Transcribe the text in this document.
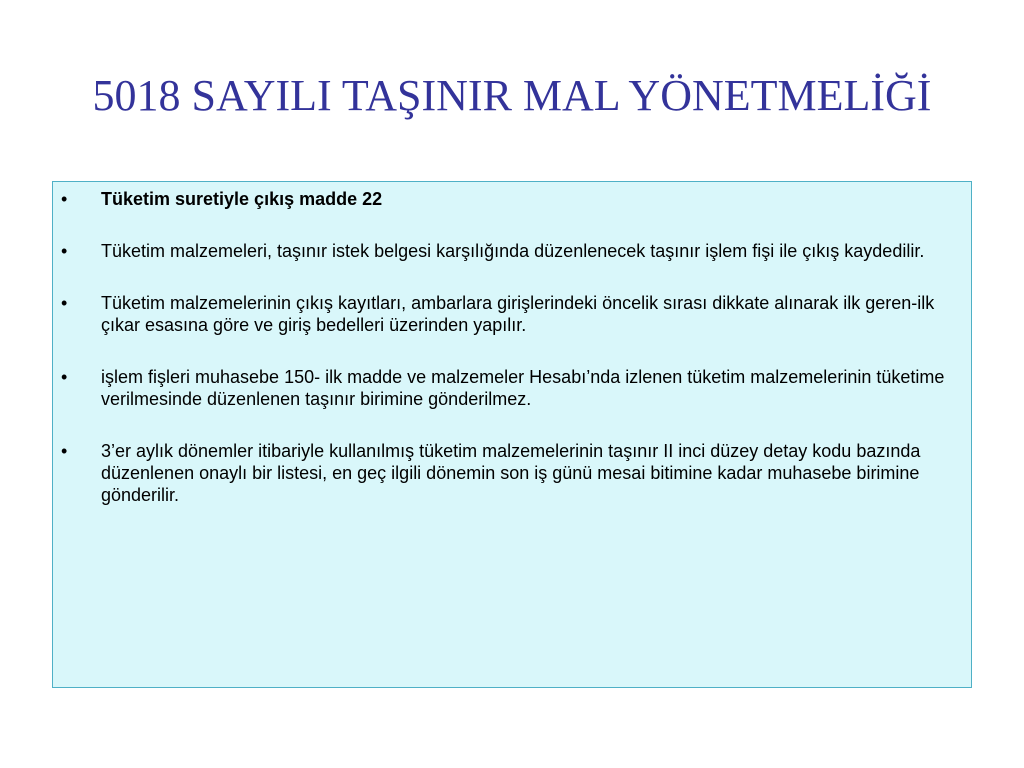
5018 SAYILI TAŞINIR MAL YÖNETMELİĞİ
•	Tüketim suretiyle çıkış madde 22
•	Tüketim malzemeleri, taşınır istek belgesi karşılığında düzenlenecek taşınır işlem fişi ile çıkış kaydedilir.
•	Tüketim malzemelerinin çıkış kayıtları, ambarlara girişlerindeki öncelik sırası dikkate alınarak ilk geren-ilk çıkar esasına göre ve giriş bedelleri üzerinden yapılır.
•	işlem fişleri muhasebe 150- ilk madde ve malzemeler Hesabı’nda izlenen tüketim malzemelerinin tüketime verilmesinde düzenlenen taşınır birimine gönderilmez.
•	3’er aylık dönemler itibariyle kullanılmış tüketim malzemelerinin taşınır II inci düzey detay kodu bazında düzenlenen onaylı bir listesi, en geç ilgili dönemin son iş günü mesai bitimine kadar muhasebe birimine gönderilir.
